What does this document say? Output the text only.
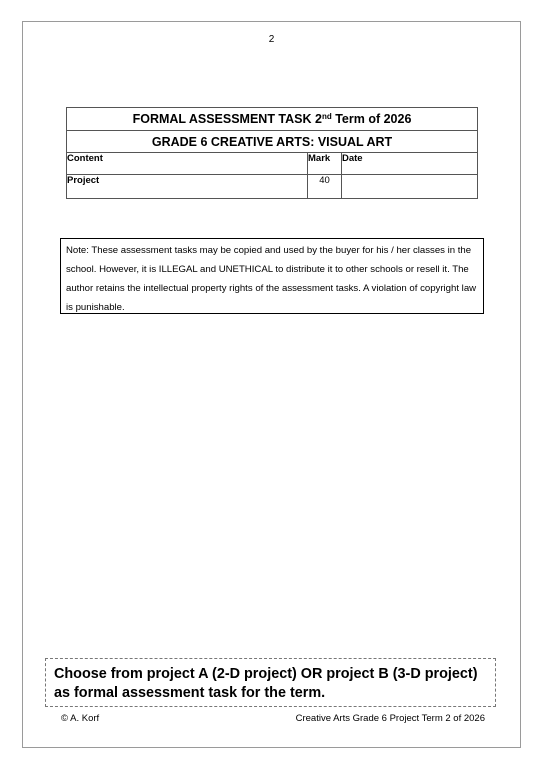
2
FORMAL ASSESSMENT TASK 2nd Term of 2026		
GRADE 6 CREATIVE ARTS: VISUAL ART		
Content	Mark	Date
Project	40	
Note: These assessment tasks may be copied and used by the buyer for his / her classes in the school. However, it is ILLEGAL and UNETHICAL to distribute it to other schools or resell it. The author retains the intellectual property rights of the assessment tasks. A violation of copyright law is punishable.
Choose from project A (2-D project) OR project B (3-D project) as formal assessment task for the term.
© A. Korf	Creative Arts Grade 6 Project Term 2 of 2026
